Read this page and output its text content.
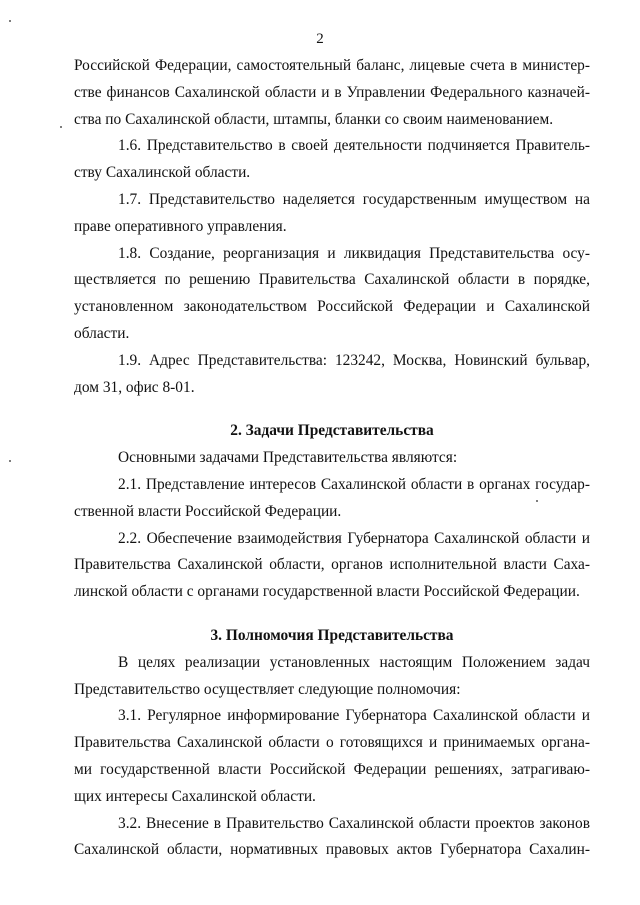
2
Российской Федерации, самостоятельный баланс, лицевые счета в министер-
стве финансов Сахалинской области и в Управлении Федерального казначей-
ства по Сахалинской области, штампы, бланки со своим наименованием.
1.6. Представительство в своей деятельности подчиняется Правитель-
ству Сахалинской области.
1.7. Представительство наделяется государственным имуществом на
праве оперативного управления.
1.8. Создание, реорганизация и ликвидация Представительства осу-
ществляется по решению Правительства Сахалинской области в порядке,
установленном законодательством Российской Федерации и Сахалинской
области.
1.9. Адрес Представительства: 123242, Москва, Новинский бульвар,
дом 31, офис 8-01.
2. Задачи Представительства
Основными задачами Представительства являются:
2.1. Представление интересов Сахалинской области в органах государ-
ственной власти Российской Федерации.
2.2. Обеспечение взаимодействия Губернатора Сахалинской области и
Правительства Сахалинской области, органов исполнительной власти Саха-
линской области с органами государственной власти Российской Федерации.
3. Полномочия Представительства
В целях реализации установленных настоящим Положением задач
Представительство осуществляет следующие полномочия:
3.1. Регулярное информирование Губернатора Сахалинской области и
Правительства Сахалинской области о готовящихся и принимаемых органа-
ми государственной власти Российской Федерации решениях, затрагиваю-
щих интересы Сахалинской области.
3.2. Внесение в Правительство Сахалинской области проектов законов
Сахалинской области, нормативных правовых актов Губернатора Сахалин-
